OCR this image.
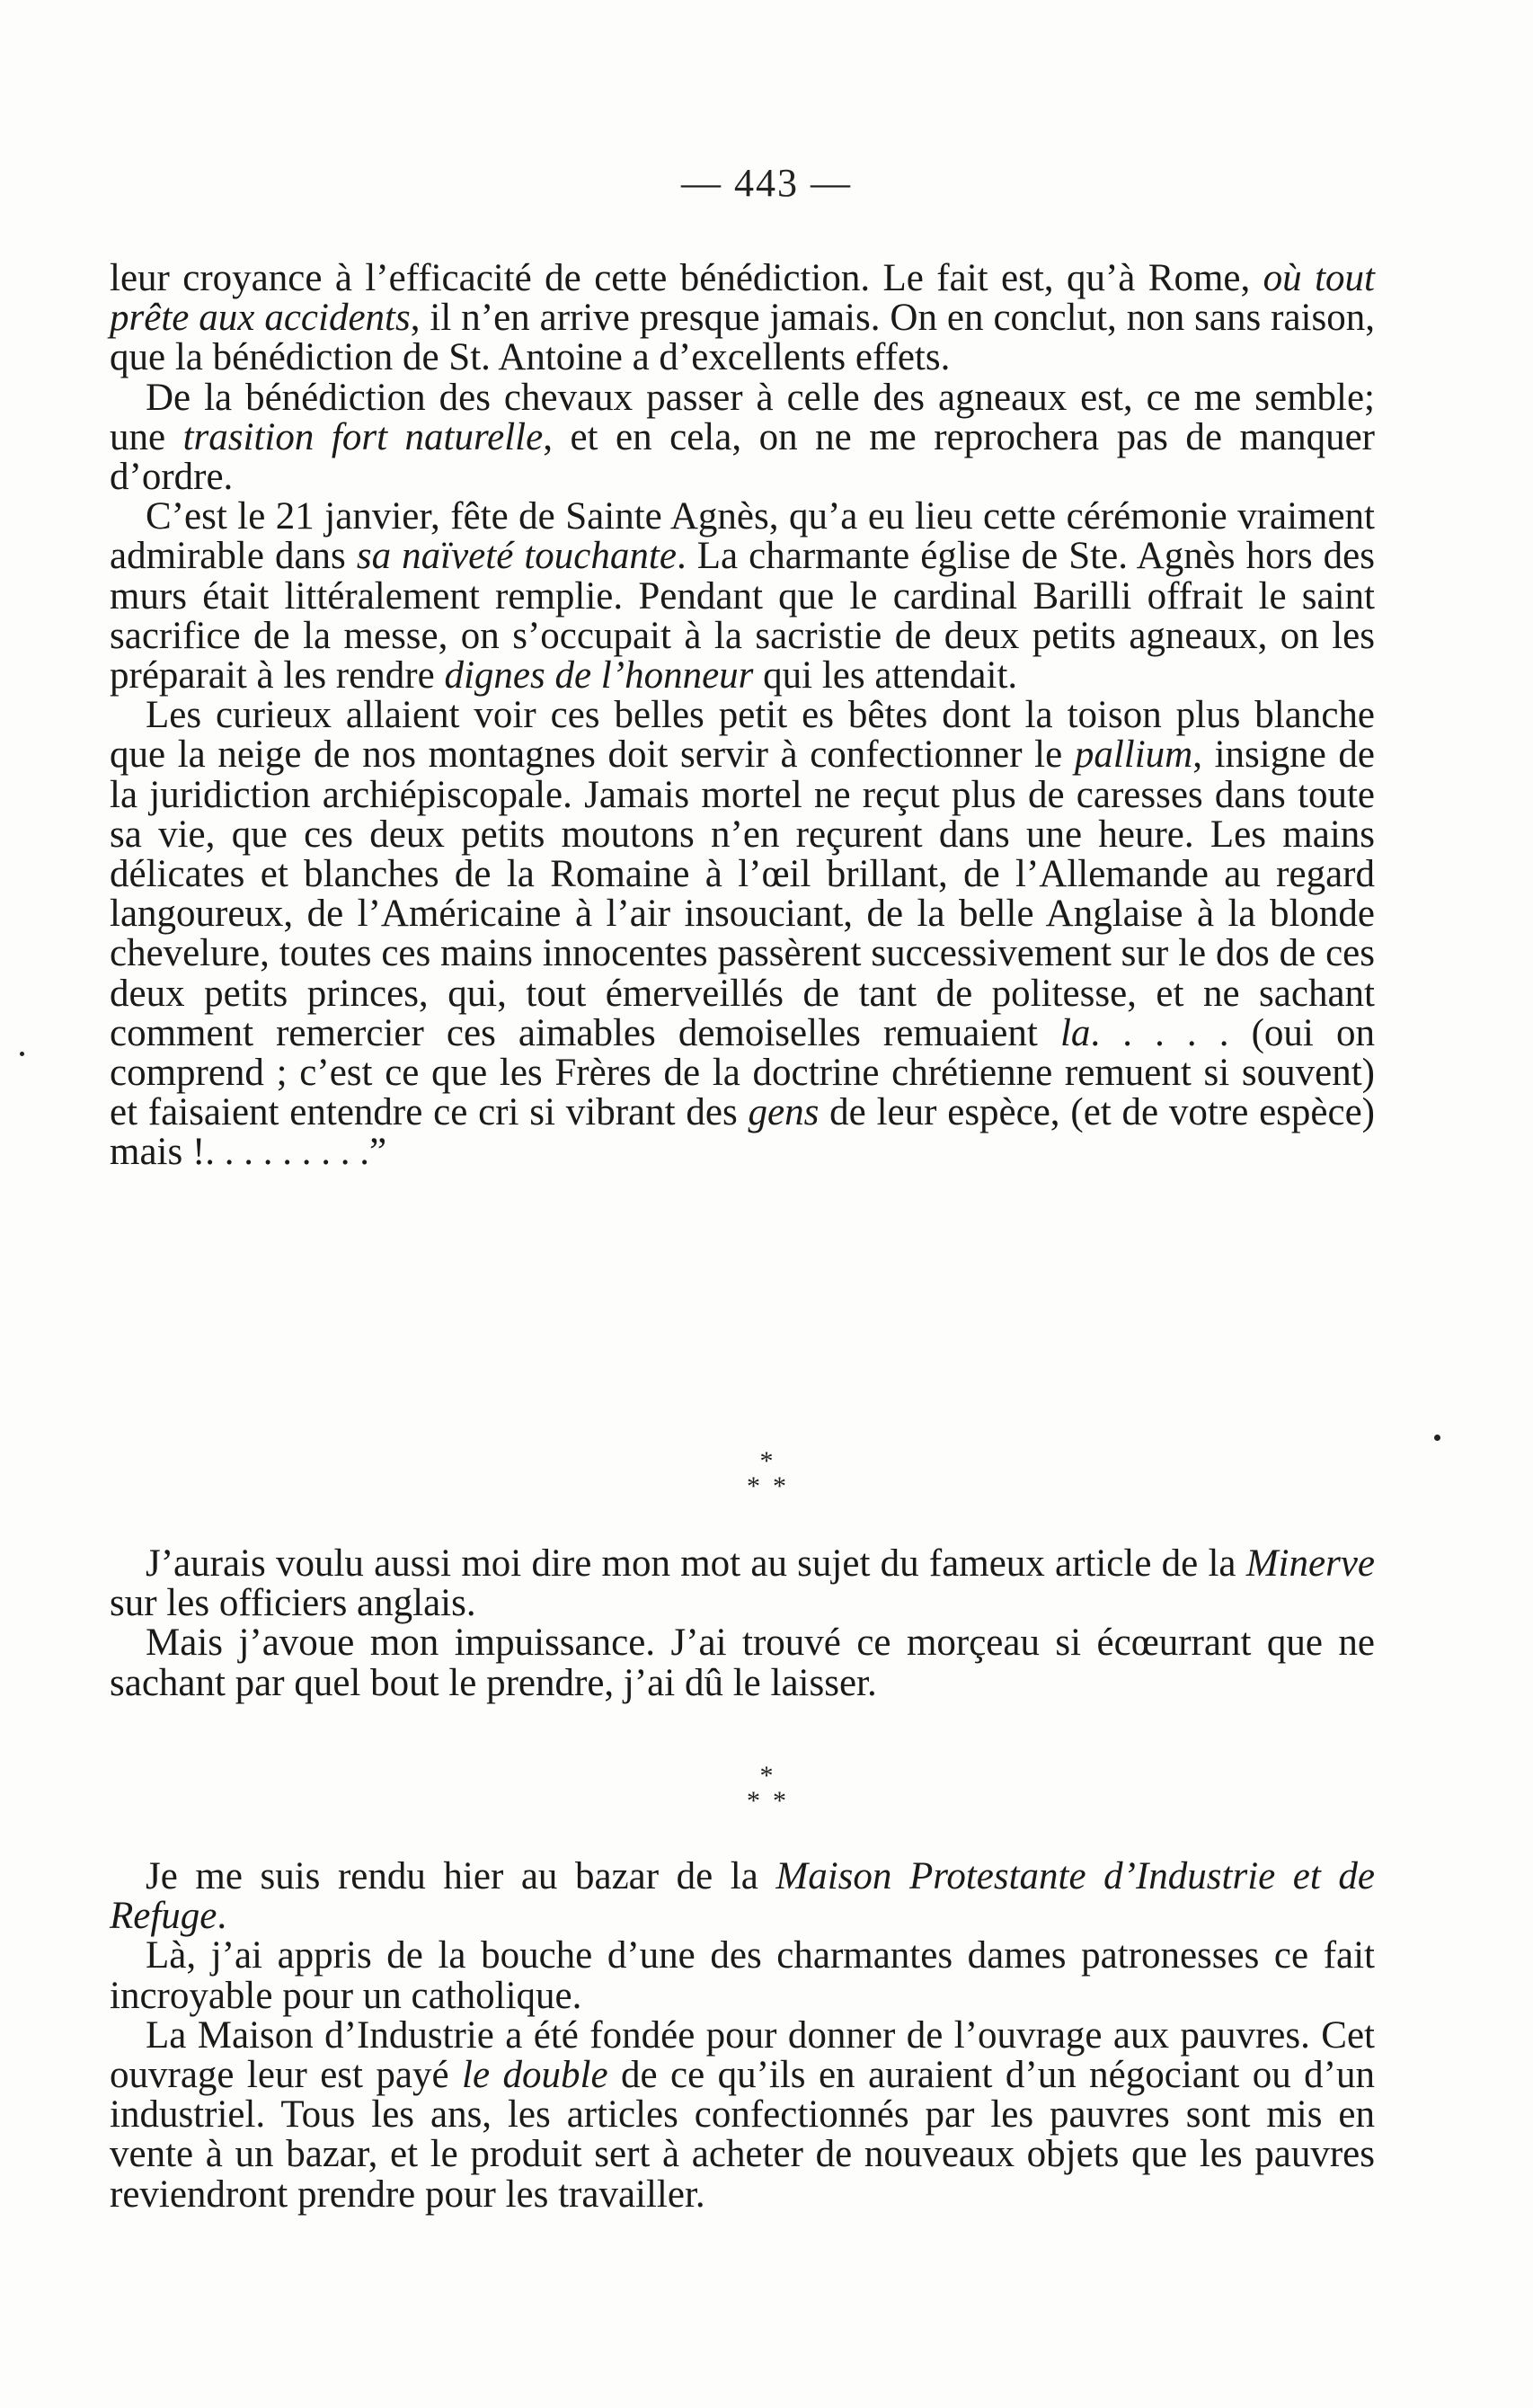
— 443 —

leur croyance à l’efficacité de cette bénédiction. Le fait est, qu’à Rome, où tout prête aux accidents, il n’en arrive presque jamais. On en conclut, non sans raison, que la bénédiction de St. Antoine a d’excellents effets.

De la bénédiction des chevaux passer à celle des agneaux est, ce me semble; une trasition fort naturelle, et en cela, on ne me reprochera pas de manquer d’ordre.

C’est le 21 janvier, fête de Sainte Agnès, qu’a eu lieu cette cérémonie vraiment admirable dans sa naïveté touchante. La charmante église de Ste. Agnès hors des murs était littéralement remplie. Pendant que le cardinal Barilli offrait le saint sacrifice de la messe, on s’occupait à la sacristie de deux petits agneaux, on les préparait à les rendre dignes de l’honneur qui les attendait.

Les curieux allaient voir ces belles petit es bêtes dont la toison plus blanche que la neige de nos montagnes doit servir à confectionner le pallium, insigne de la juridiction archiépiscopale. Jamais mortel ne reçut plus de caresses dans toute sa vie, que ces deux petits moutons n’en reçurent dans une heure. Les mains délicates et blanches de la Romaine à l’œil brillant, de l’Allemande au regard langoureux, de l’Américaine à l’air insouciant, de la belle Anglaise à la blonde chevelure, toutes ces mains innocentes passèrent successivement sur le dos de ces deux petits princes, qui, tout émerveillés de tant de politesse, et ne sachant comment remercier ces aimables demoiselles remuaient la. . . . . (oui on comprend ; c’est ce que les Frères de la doctrine chrétienne remuent si souvent) et faisaient entendre ce cri si vibrant des gens de leur espèce, (et de votre espèce) mais !. . . . . . . . .”

*
**

J’aurais voulu aussi moi dire mon mot au sujet du fameux article de la Minerve sur les officiers anglais.

Mais j’avoue mon impuissance. J’ai trouvé ce morçeau si écœurrant que ne sachant par quel bout le prendre, j’ai dû le laisser.

*
**

Je me suis rendu hier au bazar de la Maison Protestante d’Industrie et de Refuge.

Là, j’ai appris de la bouche d’une des charmantes dames patronesses ce fait incroyable pour un catholique.

La Maison d’Industrie a été fondée pour donner de l’ouvrage aux pauvres. Cet ouvrage leur est payé le double de ce qu’ils en auraient d’un négociant ou d’un industriel. Tous les ans, les articles confectionnés par les pauvres sont mis en vente à un bazar, et le produit sert à acheter de nouveaux objets que les pauvres reviendront prendre pour les travailler.
